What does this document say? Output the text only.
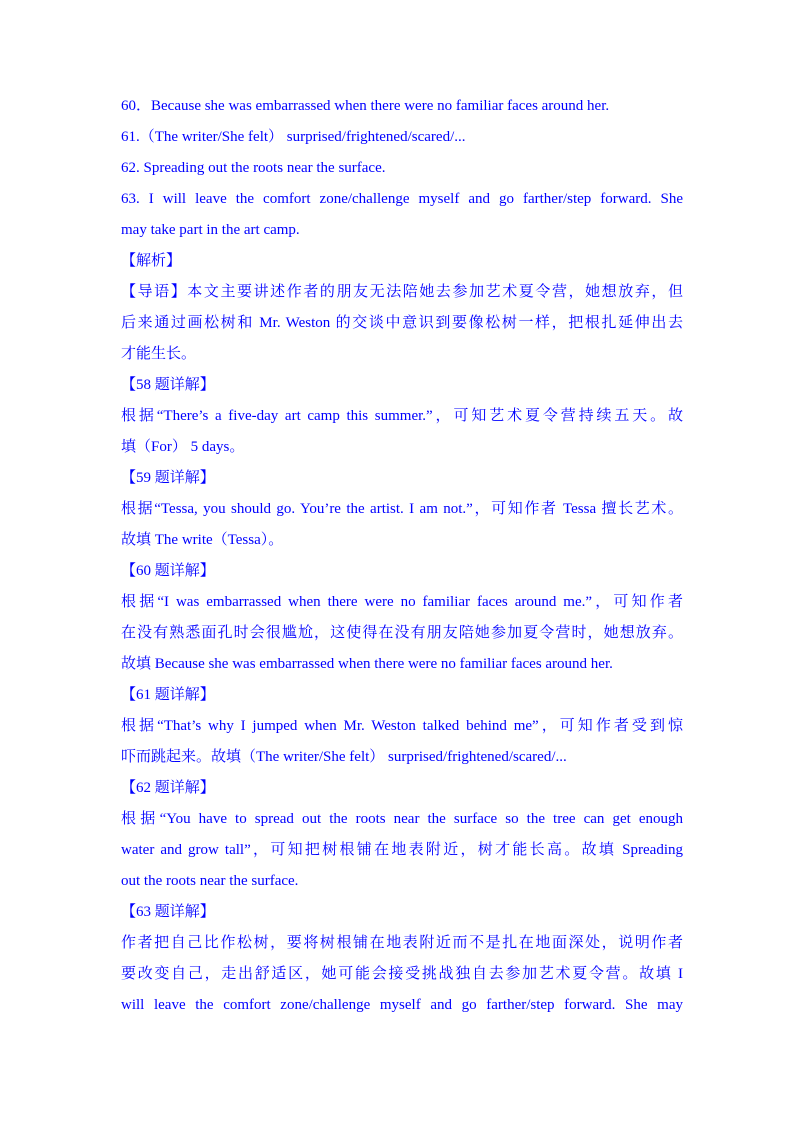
60．Because she was embarrassed when there were no familiar faces around her.
61.（The writer/She felt） surprised/frightened/scared/...
62. Spreading out the roots near the surface.
63. I will leave the comfort zone/challenge myself and go farther/step forward. She
may take part in the art camp.
【解析】
【导语】本文主要讲述作者的朋友无法陪她去参加艺术夏令营，她想放弃，但
后来通过画松树和 Mr. Weston 的交谈中意识到要像松树一样，把根扎延伸出去
才能生长。
【58 题详解】
根据“There’s a five-day art camp this summer.”，可知艺术夏令营持续五天。故
填（For） 5 days。
【59 题详解】
根据“Tessa, you should go. You’re the artist. I am not.”，可知作者 Tessa 擅长艺术。
故填 The write（Tessa）。
【60 题详解】
根据“I was embarrassed when there were no familiar faces around me.”，可知作者
在没有熟悉面孔时会很尴尬，这使得在没有朋友陪她参加夏令营时，她想放弃。
故填 Because she was embarrassed when there were no familiar faces around her.
【61 题详解】
根据“That’s why I jumped when Mr. Weston talked behind me”，可知作者受到惊
吓而跳起来。故填（The writer/She felt） surprised/frightened/scared/...
【62 题详解】
根据“You have to spread out the roots near the surface so the tree can get enough
water and grow tall”，可知把树根铺在地表附近，树才能长高。故填 Spreading
out the roots near the surface.
【63 题详解】
作者把自己比作松树，要将树根铺在地表附近而不是扎在地面深处，说明作者
要改变自己，走出舒适区，她可能会接受挑战独自去参加艺术夏令营。故填 I
will leave the comfort zone/challenge myself and go farther/step forward. She may
